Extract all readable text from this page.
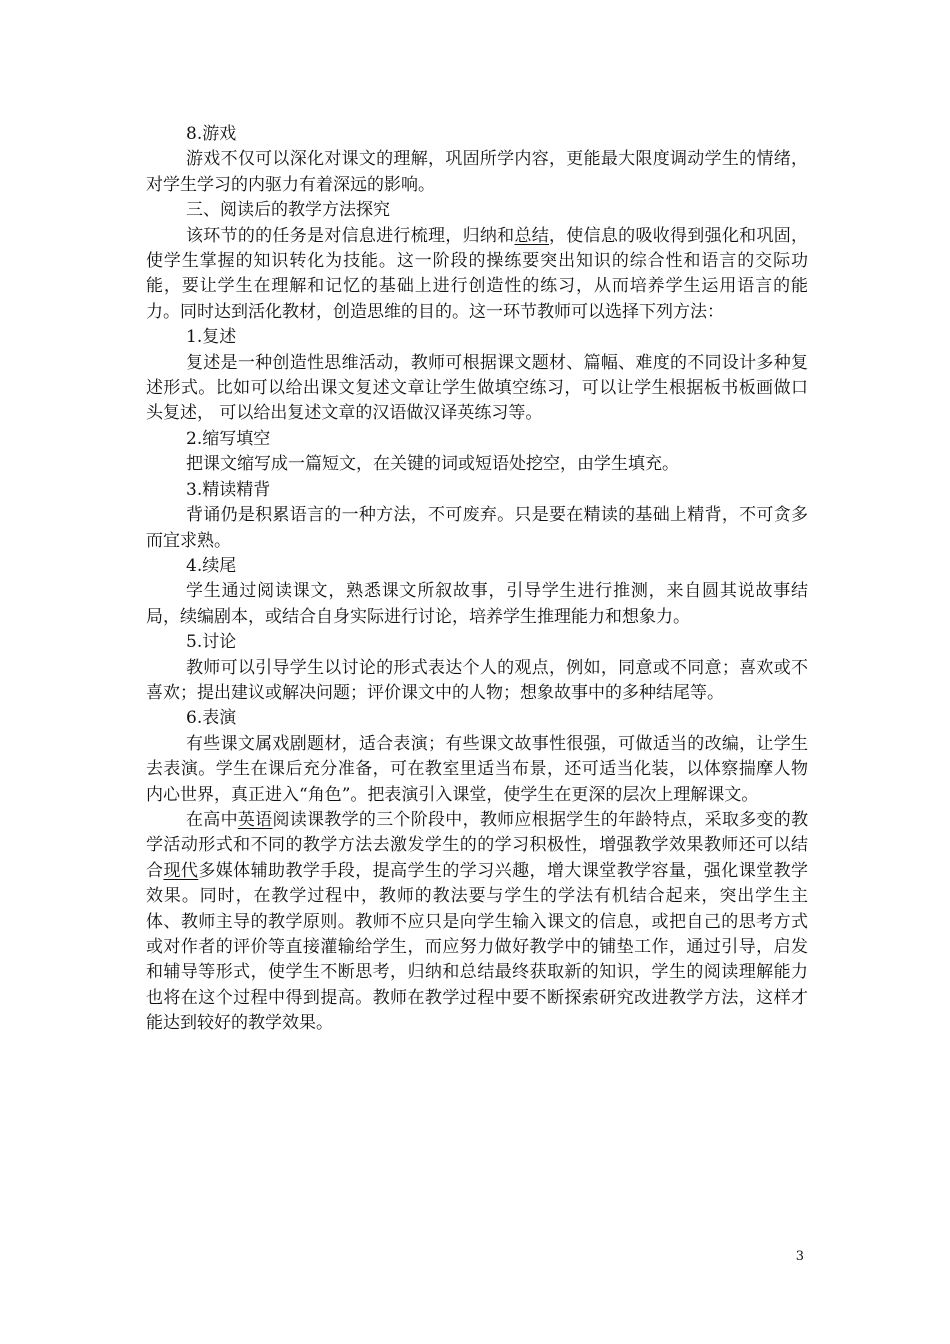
8.游戏

游戏不仅可以深化对课文的理解，巩固所学内容，更能最大限度调动学生的情绪，对学生学习的内驱力有着深远的影响。

三、阅读后的教学方法探究

该环节的的任务是对信息进行梳理，归纳和总结，使信息的吸收得到强化和巩固，使学生掌握的知识转化为技能。这一阶段的操练要突出知识的综合性和语言的交际功能，要让学生在理解和记忆的基础上进行创造性的练习，从而培养学生运用语言的能力。同时达到活化教材，创造思维的目的。这一环节教师可以选择下列方法：

1.复述

复述是一种创造性思维活动，教师可根据课文题材、篇幅、难度的不同设计多种复述形式。比如可以给出课文复述文章让学生做填空练习，可以让学生根据板书板画做口头复述， 可以给出复述文章的汉语做汉译英练习等。

2.缩写填空

把课文缩写成一篇短文，在关键的词或短语处挖空，由学生填充。

3.精读精背

背诵仍是积累语言的一种方法，不可废弃。只是要在精读的基础上精背，不可贪多而宜求熟。

4.续尾

学生通过阅读课文，熟悉课文所叙故事，引导学生进行推测，来自圆其说故事结局，续编剧本，或结合自身实际进行讨论，培养学生推理能力和想象力。

5.讨论

教师可以引导学生以讨论的形式表达个人的观点，例如，同意或不同意；喜欢或不喜欢；提出建议或解决问题；评价课文中的人物；想象故事中的多种结尾等。

6.表演

有些课文属戏剧题材，适合表演；有些课文故事性很强，可做适当的改编，让学生去表演。学生在课后充分准备，可在教室里适当布景，还可适当化装，以体察揣摩人物内心世界，真正进入“角色”。把表演引入课堂，使学生在更深的层次上理解课文。

在高中英语阅读课教学的三个阶段中，教师应根据学生的年龄特点，采取多变的教学活动形式和不同的教学方法去激发学生的的学习积极性，增强教学效果教师还可以结合现代多媒体辅助教学手段，提高学生的学习兴趣，增大课堂教学容量，强化课堂教学效果。同时，在教学过程中，教师的教法要与学生的学法有机结合起来，突出学生主体、教师主导的教学原则。教师不应只是向学生输入课文的信息，或把自己的思考方式或对作者的评价等直接灌输给学生，而应努力做好教学中的铺垫工作，通过引导，启发和辅导等形式，使学生不断思考，归纳和总结最终获取新的知识，学生的阅读理解能力也将在这个过程中得到提高。教师在教学过程中要不断探索研究改进教学方法，这样才能达到较好的教学效果。

3
